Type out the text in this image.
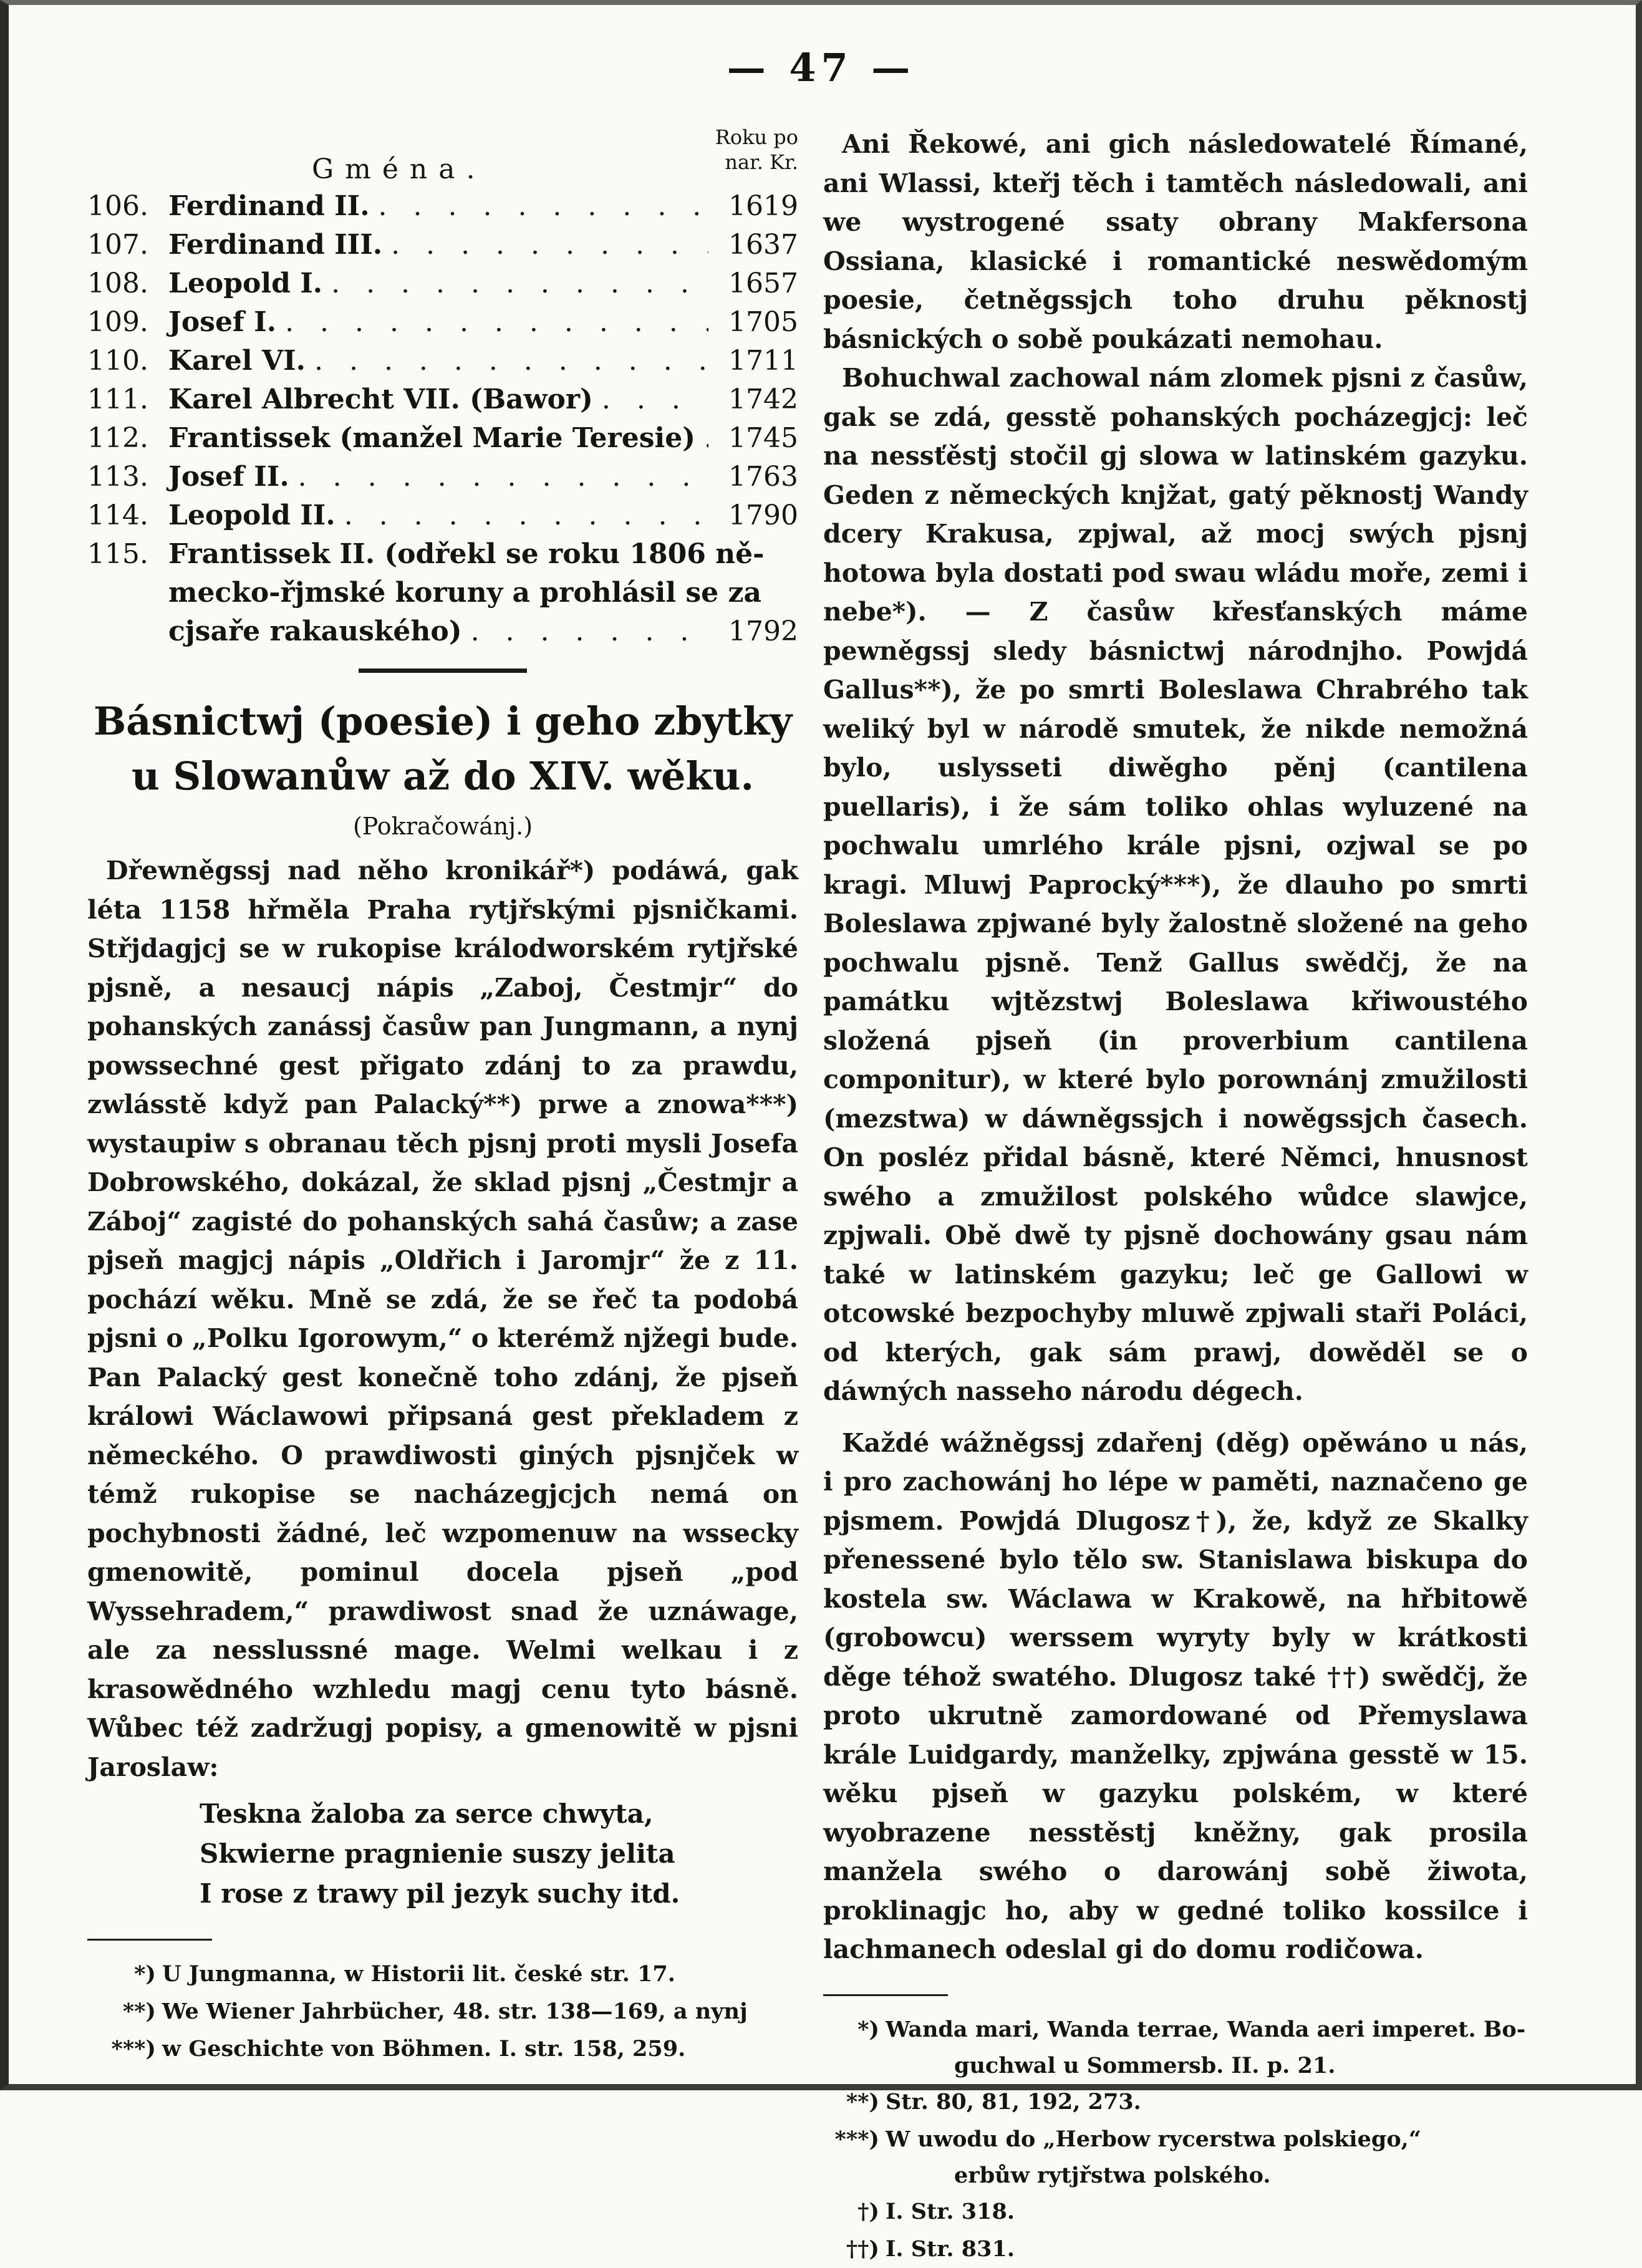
— 47 —
Gména.
Roku po nar. Kr.
106. Ferdinand II. . . .	1619
107. Ferdinand III. . . .	1637
108. Leopold I. . . .	1657
109. Josef I. . . .	1705
110. Karel VI. . . .	1711
111. Karel Albrecht VII. (Bawor) . . .	1742
112. Frantissek (manžel Marie Teresie) . . .	1745
113. Josef II. . . .	1763
114. Leopold II. . . .	1790
115. Frantissek II. (odřekl se roku 1806 ně-
mecko-řjmské koruny a prohlásil se za
cjsaře rakauského) . . .	1792
Básnictwj (poesie) i geho zbytky u Slowanůw až do XIV. wěku.
(Pokračowánj.)

Dřewněgssj nad něho kronikář*) podáwá, gak léta 1158 hřměla Praha rytjřskými pjsničkami. Střjdagjcj se w rukopise králodworském rytjřské pjsně, a nesaucj nápis „Zaboj, Čestmjr“ do pohanských zanássj časůw pan Jungmann, a nynj powssechné gest přigato zdánj to za prawdu, zwlásstě když pan Palacký**) prwe a znowa***) wystaupiw s obranau těch pjsnj proti mysli Josefa Dobrowského, dokázal, že sklad pjsnj „Čestmjr a Záboj“ zagisté do pohanských sahá časůw; a zase pjseň magjcj nápis „Oldřich i Jaromjr“ že z 11. pochází wěku. Mně se zdá, že se řeč ta podobá pjsni o „Polku Igorowym,“ o kterémž njžegi bude. Pan Palacký gest konečně toho zdánj, že pjseň králowi Wáclawowi připsaná gest překladem z německého. O prawdiwosti giných pjsnjček w témž rukopise se nacházegjcjch nemá on pochybnosti žádné, leč wzpomenuw na wssecky gmenowitě, pominul docela pjseň „pod Wyssehradem,“ prawdiwost snad že uznáwage, ale za nesslussné mage. Welmi welkau i z krasowědného wzhledu magj cenu tyto básně. Wůbec též zadržugj popisy, a gmenowitě w pjsni Jaroslaw:

Teskna žaloba za serce chwyta,
Skwierne pragnienie suszy jelita
I rose z trawy pil jezyk suchy itd.
*) U Jungmanna, w Historii lit. české str. 17.
**) We Wiener Jahrbücher, 48. str. 138—169, a nynj
***) w Geschichte von Böhmen. I. str. 158, 259.

Ani Řekowé, ani gich následowatelé Římané, ani Wlassi, kteřj těch i tamtěch následowali, ani we wystrogené ssaty obrany Makfersona Ossiana, klasické i romantické neswědomým poesie, četněgssjch toho druhu pěknostj básnických o sobě poukázati nemohau.

Bohuchwal zachowal nám zlomek pjsni z časůw, gak se zdá, gesstě pohanských pocházegjcj: leč na nessťěstj stočil gj slowa w latinském gazyku. Geden z německých knjžat, gatý pěknostj Wandy dcery Krakusa, zpjwal, až mocj swých pjsnj hotowa byla dostati pod swau wládu moře, zemi i nebe*). — Z časůw křesťanských máme pewněgssj sledy básnictwj národnjho. Powjdá Gallus**), že po smrti Boleslawa Chrabrého tak weliký byl w národě smutek, že nikde nemožná bylo, uslysseti diwěgho pěnj (cantilena puellaris), i že sám toliko ohlas wyluzené na pochwalu umrlého krále pjsni, ozjwal se po kragi. Mluwj Paprocký***), že dlauho po smrti Boleslawa zpjwané byly žalostně složené na geho pochwalu pjsně. Tenž Gallus swědčj, že na památku wjtězstwj Boleslawa křiwoustého složená pjseň (in proverbium cantilena componitur), w které bylo porownánj zmužilosti (mezstwa) w dáwněgssjch i nowěgssjch časech. On posléz přidal básně, které Němci, hnusnost swého a zmužilost polského wůdce slawjce, zpjwali. Obě dwě ty pjsně dochowány gsau nám také w latinském gazyku; leč ge Gallowi w otcowské bezpochyby mluwě zpjwali staři Poláci, od kterých, gak sám prawj, dowěděl se o dáwných nasseho národu dégech.

Každé wážněgssj zdařenj (děg) opěwáno u nás, i pro zachowánj ho lépe w paměti, naznačeno ge pjsmem. Powjdá Dlugosz†), že, když ze Skalky přenessené bylo tělo sw. Stanislawa biskupa do kostela sw. Wáclawa w Krakowě, na hřbitowě (grobowcu) werssem wyryty byly w krátkosti děge téhož swatého. Dlugosz také ††) swědčj, že proto ukrutně zamordowané od Přemyslawa krále Luidgardy, manželky, zpjwána gesstě w 15. wěku pjseň w gazyku polském, w které wyobrazene nesstěstj kněžny, gak prosila manžela swého o darowánj sobě žiwota, proklinagjc ho, aby w gedné toliko kossilce i lachmanech odeslal gi do domu rodičowa.

*) Wanda mari, Wanda terrae, Wanda aeri imperet. Bo-
guchwal u Sommersb. II. p. 21.
**) Str. 80, 81, 192, 273.
***) W uwodu do „Herbow rycerstwa polskiego,“
erbůw rytjřstwa polského.
†) I. Str. 318.
††) I. Str. 831.
